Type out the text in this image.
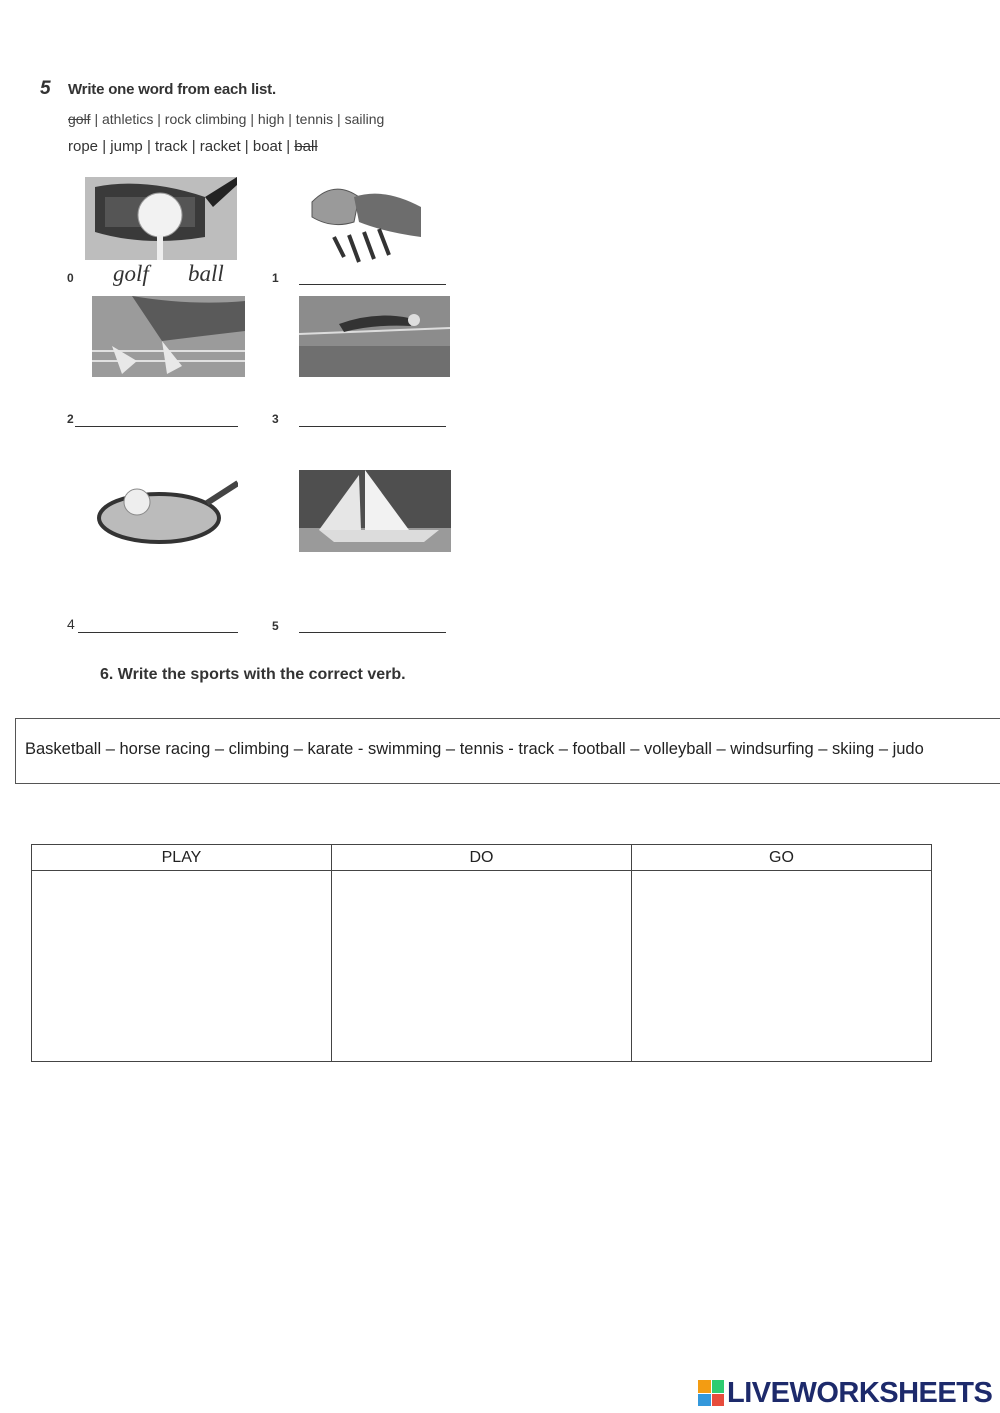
5 Write one word from each list.
golf | athletics | rock climbing | high | tennis | sailing
rope | jump | track | racket | boat | ball
0 golf ball	1
2	3
4	5
6. Write the sports with the correct verb.
Basketball – horse racing – climbing – karate - swimming – tennis - track – football – volleyball – windsurfing – skiing – judo
PLAY	DO	GO

LIVEWORKSHEETS
